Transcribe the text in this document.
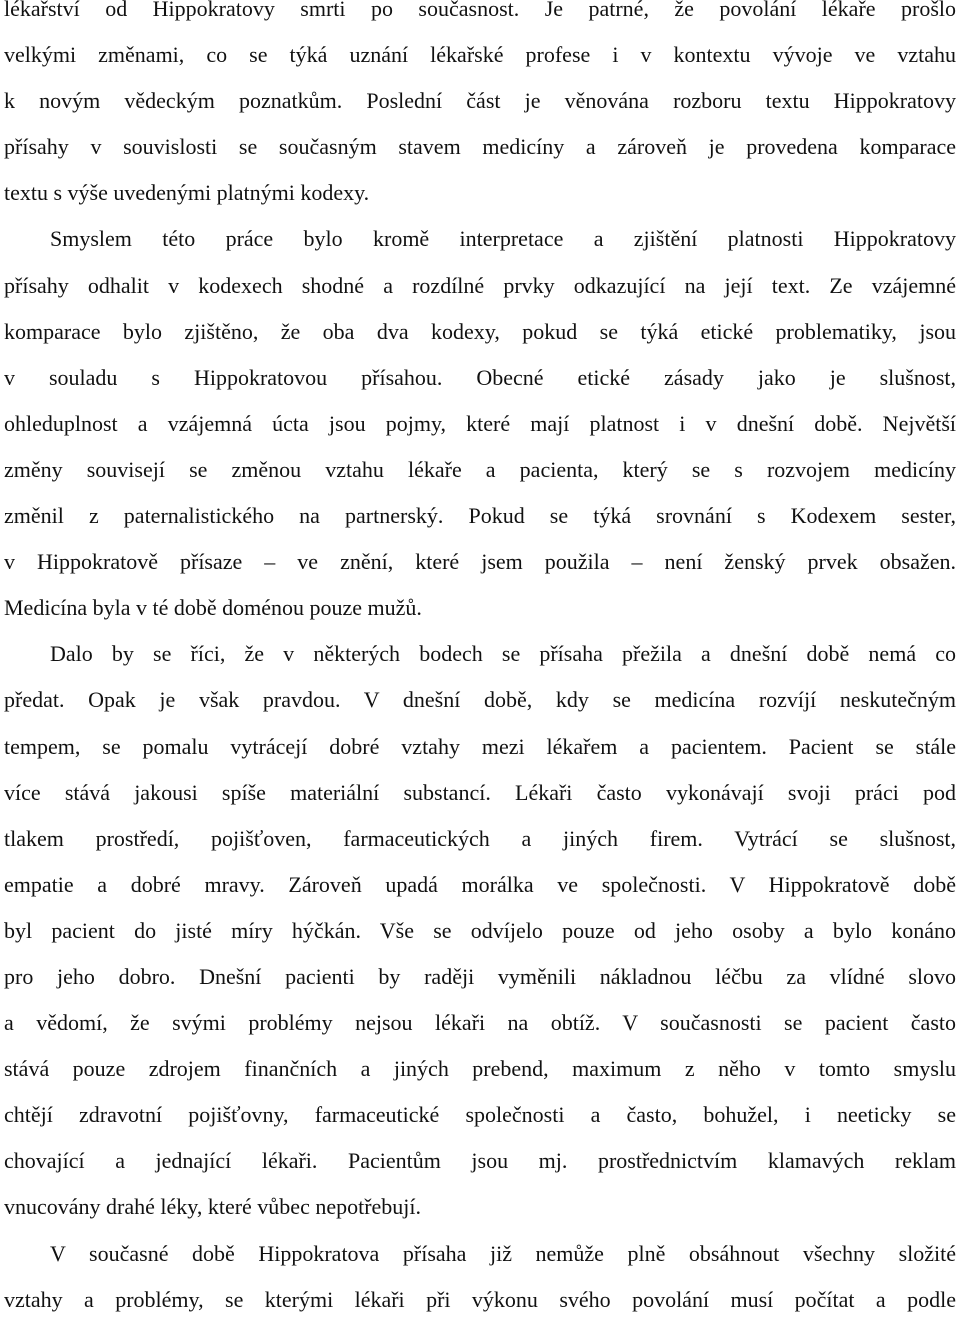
lékařství od Hippokratovy smrti po současnost. Je patrné, že povolání lékaře prošlo
velkými změnami, co se týká uznání lékařské profese i v kontextu vývoje ve vztahu
k novým vědeckým poznatkům. Poslední část je věnována rozboru textu Hippokratovy
přísahy v souvislosti se současným stavem medicíny a zároveň je provedena komparace
textu s výše uvedenými platnými kodexy.
Smyslem této práce bylo kromě interpretace a zjištění platnosti Hippokratovy
přísahy odhalit v kodexech shodné a rozdílné prvky odkazující na její text. Ze vzájemné
komparace bylo zjištěno, že oba dva kodexy, pokud se týká etické problematiky, jsou
v souladu s Hippokratovou přísahou. Obecné etické zásady jako je slušnost,
ohleduplnost a vzájemná úcta jsou pojmy, které mají platnost i v dnešní době. Největší
změny souvisejí se změnou vztahu lékaře a pacienta, který se s rozvojem medicíny
změnil z paternalistického na partnerský. Pokud se týká srovnání s Kodexem sester,
v Hippokratově přísaze – ve znění, které jsem použila – není ženský prvek obsažen.
Medicína byla v té době doménou pouze mužů.
Dalo by se říci, že v některých bodech se přísaha přežila a dnešní době nemá co
předat. Opak je však pravdou. V dnešní době, kdy se medicína rozvíjí neskutečným
tempem, se pomalu vytrácejí dobré vztahy mezi lékařem a pacientem. Pacient se stále
více stává jakousi spíše materiální substancí. Lékaři často vykonávají svoji práci pod
tlakem prostředí, pojišťoven, farmaceutických a jiných firem. Vytrácí se slušnost,
empatie a dobré mravy. Zároveň upadá morálka ve společnosti. V Hippokratově době
byl pacient do jisté míry hýčkán. Vše se odvíjelo pouze od jeho osoby a bylo konáno
pro jeho dobro. Dnešní pacienti by raději vyměnili nákladnou léčbu za vlídné slovo
a vědomí, že svými problémy nejsou lékaři na obtíž. V současnosti se pacient často
stává pouze zdrojem finančních a jiných prebend, maximum z něho v tomto smyslu
chtějí zdravotní pojišťovny, farmaceutické společnosti a často, bohužel, i neeticky se
chovající a jednající lékaři. Pacientům jsou mj. prostřednictvím klamavých reklam
vnucovány drahé léky, které vůbec nepotřebují.
V současné době Hippokratova přísaha již nemůže plně obsáhnout všechny složité
vztahy a problémy, se kterými lékaři při výkonu svého povolání musí počítat a podle
